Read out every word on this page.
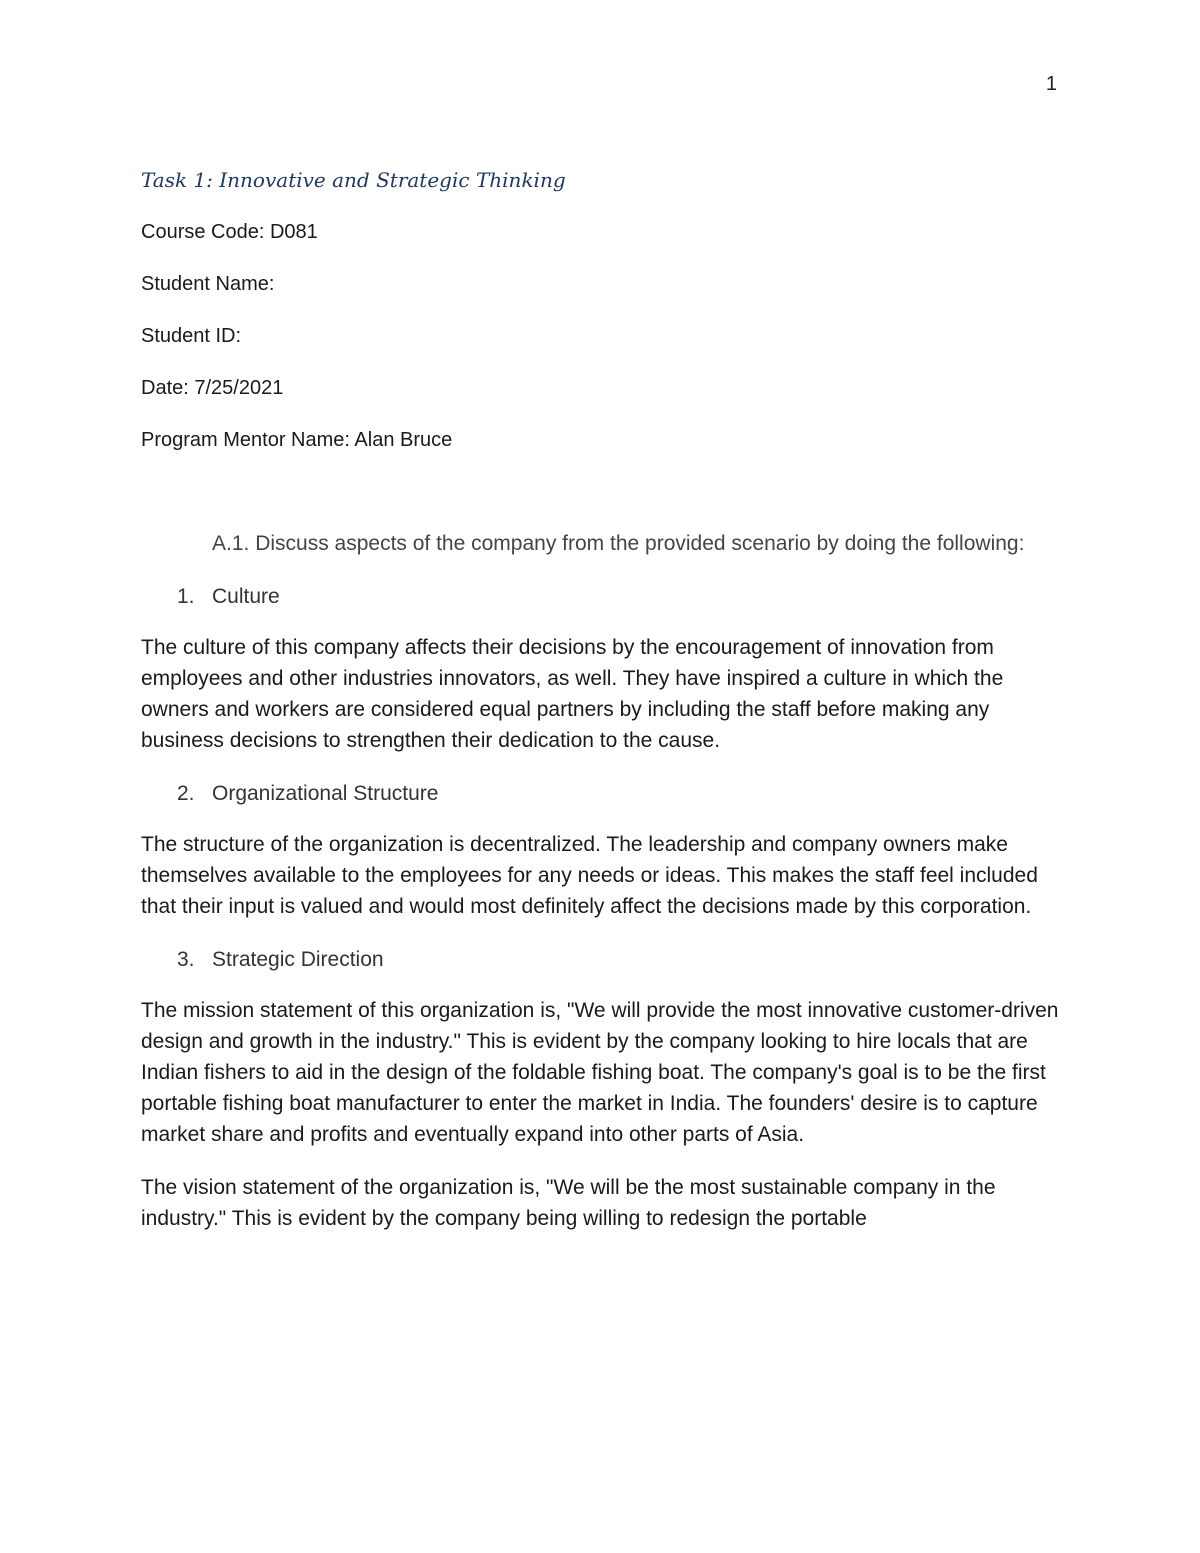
1
Task 1: Innovative and Strategic Thinking
Course Code: D081
Student Name:
Student ID:
Date: 7/25/2021
Program Mentor Name: Alan Bruce
A.1. Discuss aspects of the company from the provided scenario by doing the following:
1. Culture

The culture of this company affects their decisions by the encouragement of innovation from employees and other industries innovators, as well. They have inspired a culture in which the owners and workers are considered equal partners by including the staff before making any business decisions to strengthen their dedication to the cause.

2. Organizational Structure

The structure of the organization is decentralized. The leadership and company owners make themselves available to the employees for any needs or ideas. This makes the staff feel included that their input is valued and would most definitely affect the decisions made by this corporation.

3. Strategic Direction

The mission statement of this organization is, "We will provide the most innovative customer-driven design and growth in the industry." This is evident by the company looking to hire locals that are Indian fishers to aid in the design of the foldable fishing boat. The company's goal is to be the first portable fishing boat manufacturer to enter the market in India. The founders' desire is to capture market share and profits and eventually expand into other parts of Asia.

The vision statement of the organization is, "We will be the most sustainable company in the industry." This is evident by the company being willing to redesign the portable
